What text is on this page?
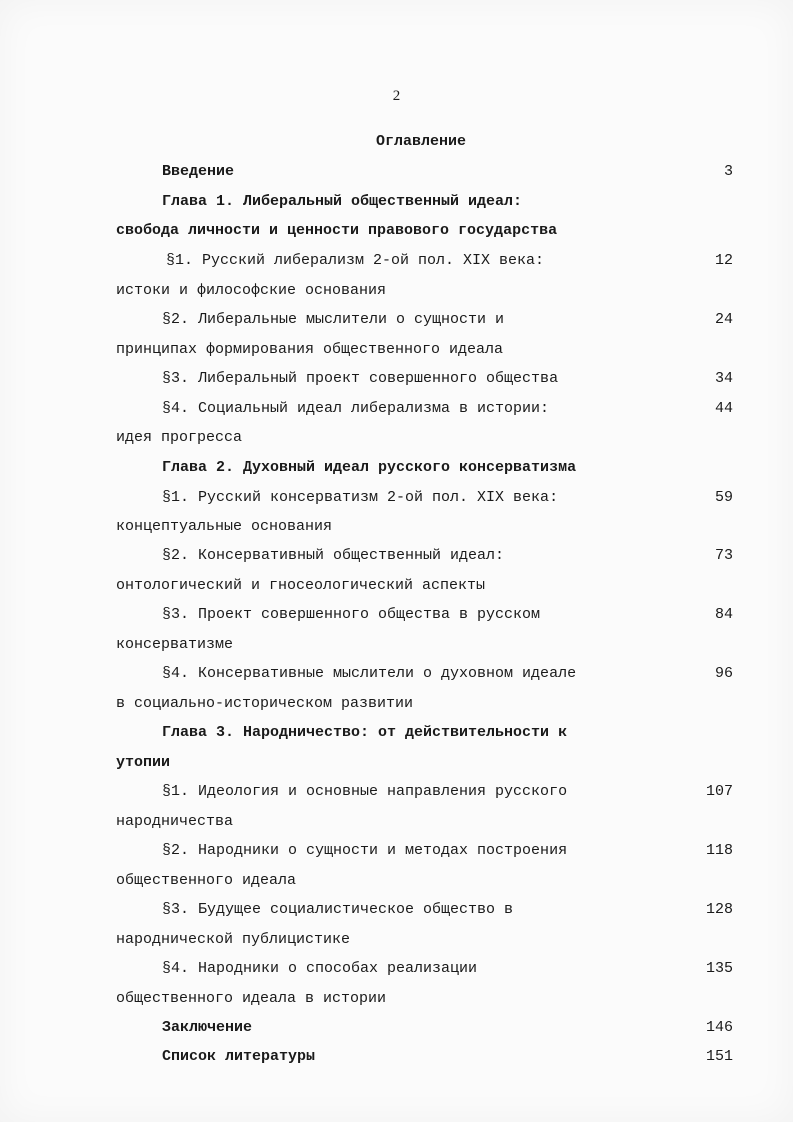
2
Оглавление
Введение	3
Глава 1. Либеральный общественный идеал:
свобода личности и ценности правового государства
§1. Русский либерализм 2-ой пол. XIX века:	12
истоки и философские основания
§2. Либеральные мыслители о сущности и	24
принципах формирования общественного идеала
§3. Либеральный проект совершенного общества	34
§4. Социальный идеал либерализма в истории:	44
идея прогресса
Глава 2. Духовный идеал русского консерватизма
§1. Русский консерватизм 2-ой пол. XIX века:	59
концептуальные основания
§2. Консервативный общественный идеал:	73
онтологический и гносеологический аспекты
§3. Проект совершенного общества в русском	84
консерватизме
§4. Консервативные мыслители о духовном идеале	96
в социально-историческом развитии
Глава 3. Народничество: от действительности к
утопии
§1. Идеология и основные направления русского	107
народничества
§2. Народники о сущности и методах построения	118
общественного идеала
§3. Будущее социалистическое общество в	128
народнической публицистике
§4. Народники о способах реализации	135
общественного идеала в истории
Заключение	146
Список литературы	151
